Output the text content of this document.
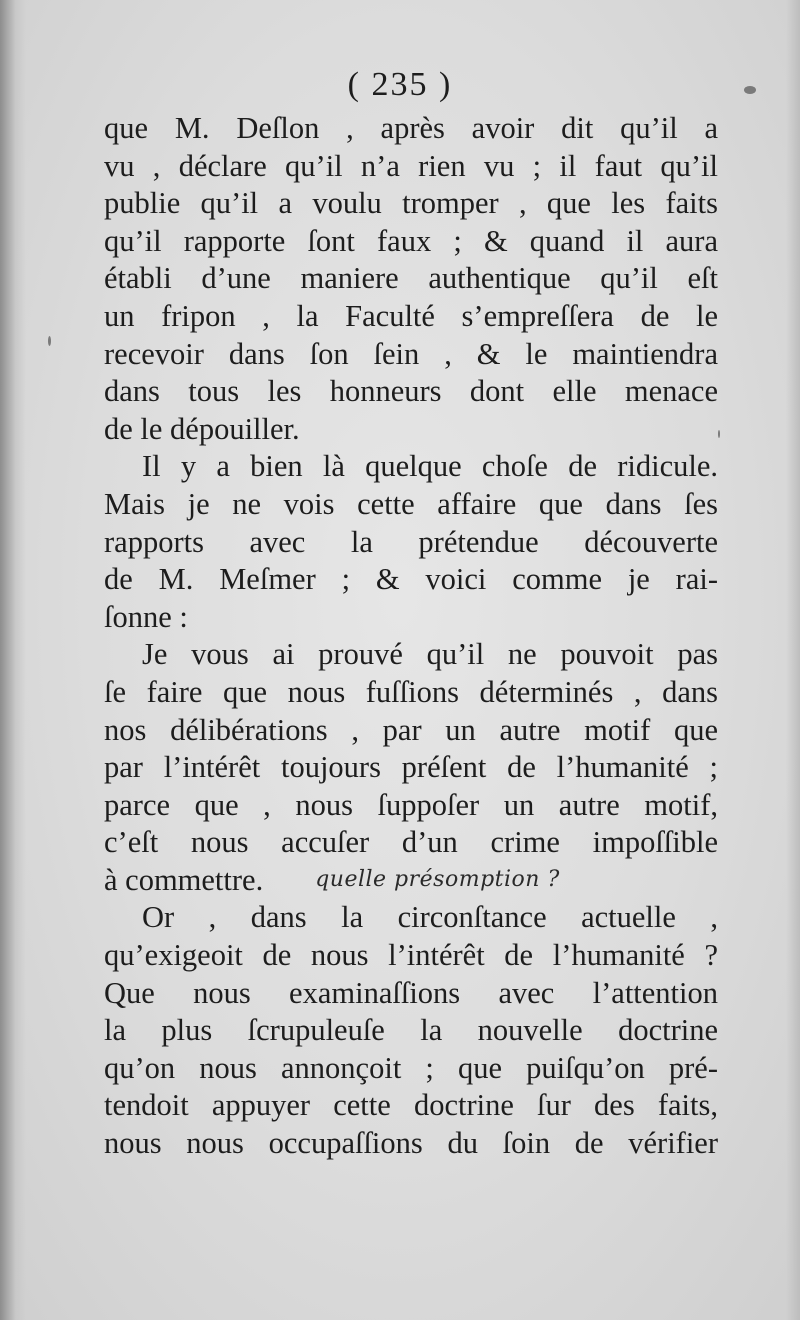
( 235 )
que M. Deſlon , après avoir dit qu’il a
vu , déclare qu’il n’a rien vu ; il faut qu’il
publie qu’il a voulu tromper , que les faits
qu’il rapporte ſont faux ; & quand il aura
établi d’une maniere authentique qu’il eſt
un fripon , la Faculté s’empreſſera de le
recevoir dans ſon ſein , & le maintiendra
dans tous les honneurs dont elle menace
de le dépouiller.
Il y a bien là quelque choſe de ridicule.
Mais je ne vois cette affaire que dans ſes
rapports avec la prétendue découverte
de M. Meſmer ; & voici comme je rai-
ſonne :
Je vous ai prouvé qu’il ne pouvoit pas
ſe faire que nous fuſſions déterminés , dans
nos délibérations , par un autre motif que
par l’intérêt toujours préſent de l’humanité ;
parce que , nous ſuppoſer un autre motif,
c’eſt nous accuſer d’un crime impoſſible
à commettre. quelle présomption ?
Or , dans la circonſtance actuelle ,
qu’exigeoit de nous l’intérêt de l’humanité ?
Que nous examinaſſions avec l’attention
la plus ſcrupuleuſe la nouvelle doctrine
qu’on nous annonçoit ; que puiſqu’on pré-
tendoit appuyer cette doctrine ſur des faits,
nous nous occupaſſions du ſoin de vérifier
